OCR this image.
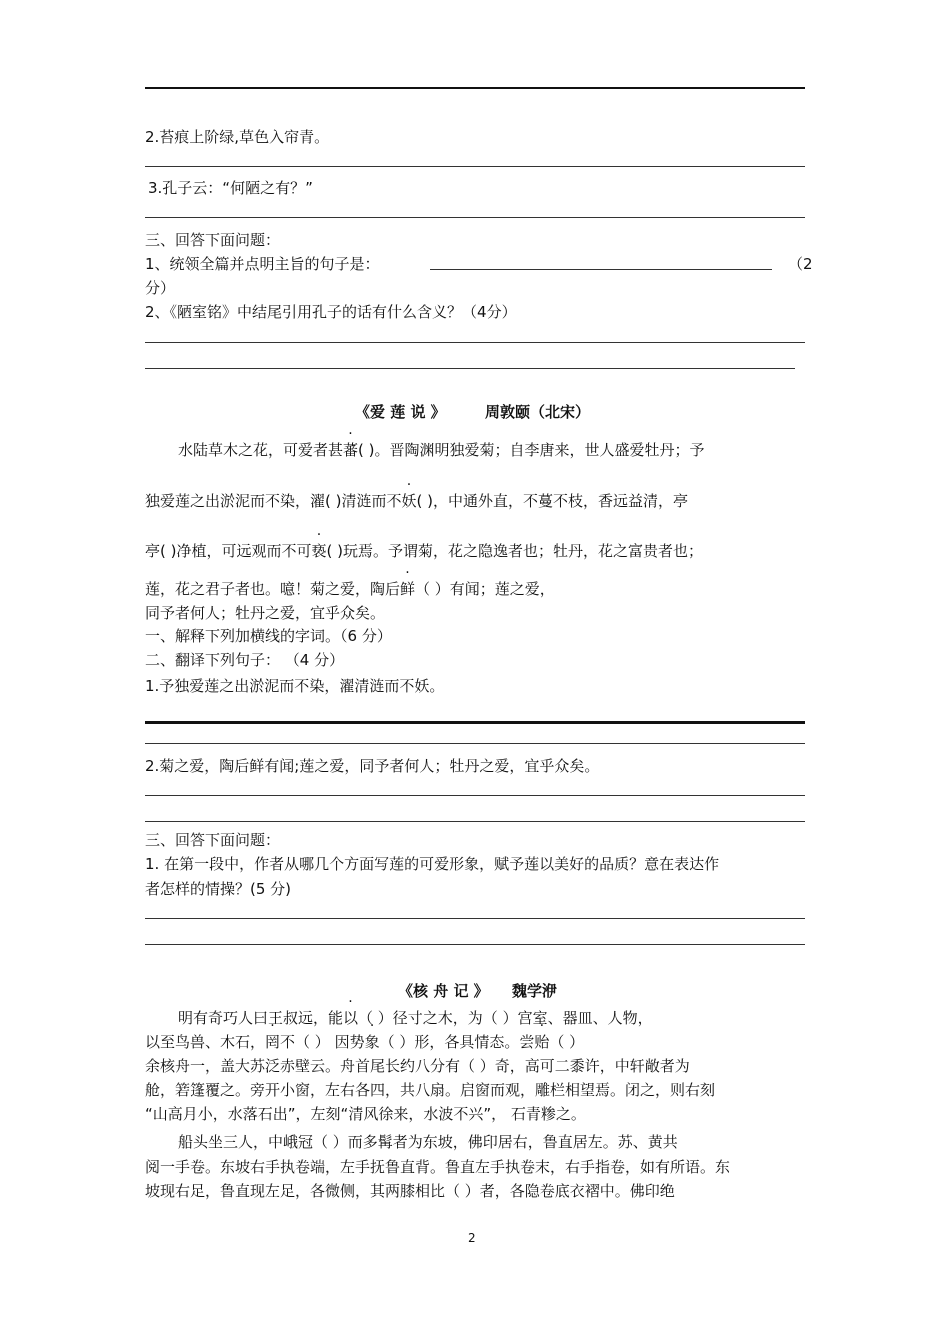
2.苔痕上阶绿,草色入帘青。
3.孔子云：“何陋之有？”
三、回答下面问题：
1、统领全篇并点明主旨的句子是：	（2
分）
2、《陋室铭》中结尾引用孔子的话有什么含义？（4分）
《爱 莲 说 》	周敦颐（北宋）
水陆草木之花，可爱者甚蕃( )。晋陶渊明独爱菊；自李唐来，世人盛爱牡丹；予
独爱莲之出淤泥而不染，濯( )清涟而不妖( )，中通外直，不蔓不枝，香远益清，亭
亭( )净植，可远观而不可亵( )玩焉。予谓菊，花之隐逸者也；牡丹，花之富贵者也；
莲，花之君子者也。噫！菊之爱，陶后鲜（ ）有闻；莲之爱，
同予者何人；牡丹之爱，宜乎众矣。
一、解释下列加横线的字词。（6 分）
二、翻译下列句子： （4 分）
1.予独爱莲之出淤泥而不染，濯清涟而不妖。
2.菊之爱，陶后鲜有闻;莲之爱，同予者何人；牡丹之爱，宜乎众矣。
三、回答下面问题：
1. 在第一段中，作者从哪几个方面写莲的可爱形象，赋予莲以美好的品质？意在表达作
者怎样的情操？(5 分)
《核 舟 记 》 魏学洢
明有奇巧人曰王叔远，能以（ ）径寸之木，为（ ）宫室、器皿、人物，
以至鸟兽、木石，罔不（ ） 因势象（ ）形，各具情态。尝贻（ ）
余核舟一，盖大苏泛赤壁云。舟首尾长约八分有（ ）奇，高可二黍许，中轩敞者为
舱，箬篷覆之。旁开小窗，左右各四，共八扇。启窗而观，雕栏相望焉。闭之，则右刻
“山高月小，水落石出”，左刻“清风徐来，水波不兴”， 石青糁之。
船头坐三人，中峨冠（ ）而多髯者为东坡，佛印居右，鲁直居左。苏、黄共
阅一手卷。东坡右手执卷端，左手抚鲁直背。鲁直左手执卷末，右手指卷，如有所语。东
坡现右足，鲁直现左足，各微侧，其两膝相比（ ）者，各隐卷底衣褶中。佛印绝
2
